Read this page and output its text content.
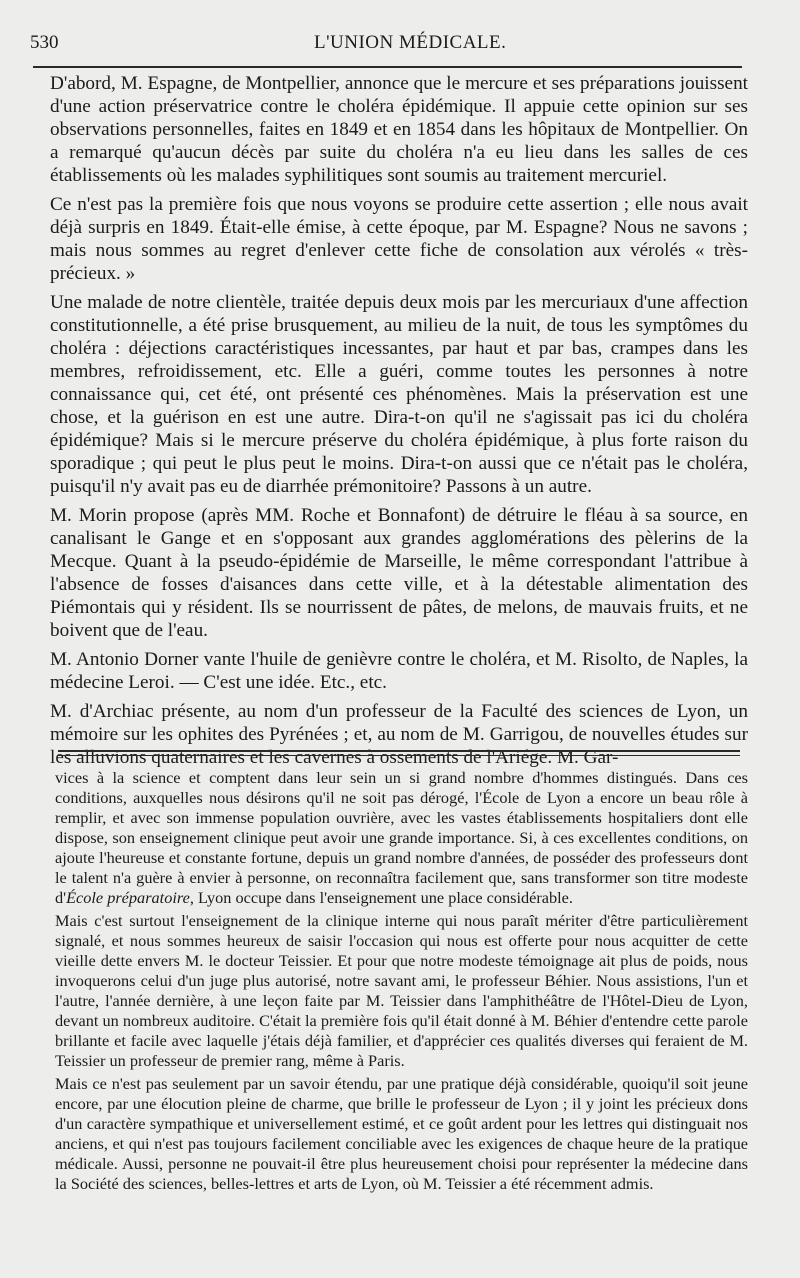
530	L'UNION MÉDICALE.

D'abord, M. Espagne, de Montpellier, annonce que le mercure et ses préparations jouissent d'une action préservatrice contre le choléra épidémique. Il appuie cette opinion sur ses observations personnelles, faites en 1849 et en 1854 dans les hôpitaux de Montpellier. On a remarqué qu'aucun décès par suite du choléra n'a eu lieu dans les salles de ces établissements où les malades syphilitiques sont soumis au traitement mercuriel.

Ce n'est pas la première fois que nous voyons se produire cette assertion ; elle nous avait déjà surpris en 1849. Était-elle émise, à cette époque, par M. Espagne? Nous ne savons ; mais nous sommes au regret d'enlever cette fiche de consolation aux vérolés « très-précieux. »

Une malade de notre clientèle, traitée depuis deux mois par les mercuriaux d'une affection constitutionnelle, a été prise brusquement, au milieu de la nuit, de tous les symptômes du choléra : déjections caractéristiques incessantes, par haut et par bas, crampes dans les membres, refroidissement, etc. Elle a guéri, comme toutes les personnes à notre connaissance qui, cet été, ont présenté ces phénomènes. Mais la préservation est une chose, et la guérison en est une autre. Dira-t-on qu'il ne s'agissait pas ici du choléra épidémique? Mais si le mercure préserve du choléra épidémique, à plus forte raison du sporadique ; qui peut le plus peut le moins. Dira-t-on aussi que ce n'était pas le choléra, puisqu'il n'y avait pas eu de diarrhée prémonitoire? Passons à un autre.

M. Morin propose (après MM. Roche et Bonnafont) de détruire le fléau à sa source, en canalisant le Gange et en s'opposant aux grandes agglomérations des pèlerins de la Mecque. Quant à la pseudo-épidémie de Marseille, le même correspondant l'attribue à l'absence de fosses d'aisances dans cette ville, et à la détestable alimentation des Piémontais qui y résident. Ils se nourrissent de pâtes, de melons, de mauvais fruits, et ne boivent que de l'eau.

M. Antonio Dorner vante l'huile de genièvre contre le choléra, et M. Risolto, de Naples, la médecine Leroi. — C'est une idée. Etc., etc.

M. d'Archiac présente, au nom d'un professeur de la Faculté des sciences de Lyon, un mémoire sur les ophites des Pyrénées ; et, au nom de M. Garrigou, de nouvelles études sur les alluvions quaternaires et les cavernes à ossements de l'Ariége. M. Gar-

vices à la science et comptent dans leur sein un si grand nombre d'hommes distingués. Dans ces conditions, auxquelles nous désirons qu'il ne soit pas dérogé, l'École de Lyon a encore un beau rôle à remplir, et avec son immense population ouvrière, avec les vastes établissements hospitaliers dont elle dispose, son enseignement clinique peut avoir une grande importance. Si, à ces excellentes conditions, on ajoute l'heureuse et constante fortune, depuis un grand nombre d'années, de posséder des professeurs dont le talent n'a guère à envier à personne, on reconnaîtra facilement que, sans transformer son titre modeste d'École préparatoire, Lyon occupe dans l'enseignement une place considérable.

Mais c'est surtout l'enseignement de la clinique interne qui nous paraît mériter d'être particulièrement signalé, et nous sommes heureux de saisir l'occasion qui nous est offerte pour nous acquitter de cette vieille dette envers M. le docteur Teissier. Et pour que notre modeste témoignage ait plus de poids, nous invoquerons celui d'un juge plus autorisé, notre savant ami, le professeur Béhier. Nous assistions, l'un et l'autre, l'année dernière, à une leçon faite par M. Teissier dans l'amphithéâtre de l'Hôtel-Dieu de Lyon, devant un nombreux auditoire. C'était la première fois qu'il était donné à M. Béhier d'entendre cette parole brillante et facile avec laquelle j'étais déjà familier, et d'apprécier ces qualités diverses qui feraient de M. Teissier un professeur de premier rang, même à Paris.

Mais ce n'est pas seulement par un savoir étendu, par une pratique déjà considérable, quoiqu'il soit jeune encore, par une élocution pleine de charme, que brille le professeur de Lyon ; il y joint les précieux dons d'un caractère sympathique et universellement estimé, et ce goût ardent pour les lettres qui distinguait nos anciens, et qui n'est pas toujours facilement conciliable avec les exigences de chaque heure de la pratique médicale. Aussi, personne ne pouvait-il être plus heureusement choisi pour représenter la médecine dans la Société des sciences, belles-lettres et arts de Lyon, où M. Teissier a été récemment admis.
